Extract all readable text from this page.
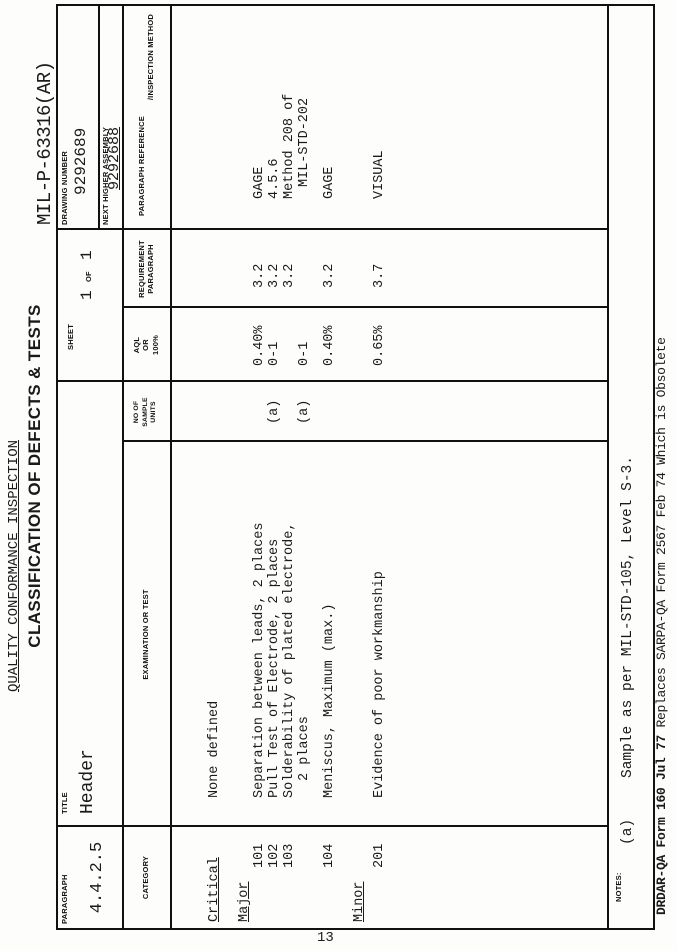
QUALITY CONFORMANCE INSPECTION CLASSIFICATION OF DEFECTS & TESTS
MIL-P-63316(AR)
PARAGRAPH 4.4.2.5
TITLE Header
SHEET
1
OF
1
DRAWING NUMBER 9292689 NEXT HIGHER ASSEMBLY
9292688
CATEGORY
EXAMINATION OR TEST
NO OF SAMPLE UNITS
AQL OR 100%
REQUIREMENT PARAGRAPH
PARAGRAPH REFERENCE
/INSPECTION METHOD
Critical
None defined
Major
101
Separation between leads, 2 places
0.40%
3.2
GAGE
102
Pull Test of Electrode, 2 places
(a)
0-1
3.2
4.5.6
103
Solderability of plated electrode,
3.2
Method 208 of
2 places
(a)
0-1
MIL-STD-202
104
Meniscus, Maximum (max.)
0.40%
3.2
GAGE
Minor
201
Evidence of poor workmanship
0.65%
3.7
VISUAL
NOTES:
(a)
Sample as per MIL-STD-105, Level S-3.
DRDAR-QA Form 160 Jul 77 Replaces SARPA-QA Form 2567 Feb 74 Which is Obsolete
13
